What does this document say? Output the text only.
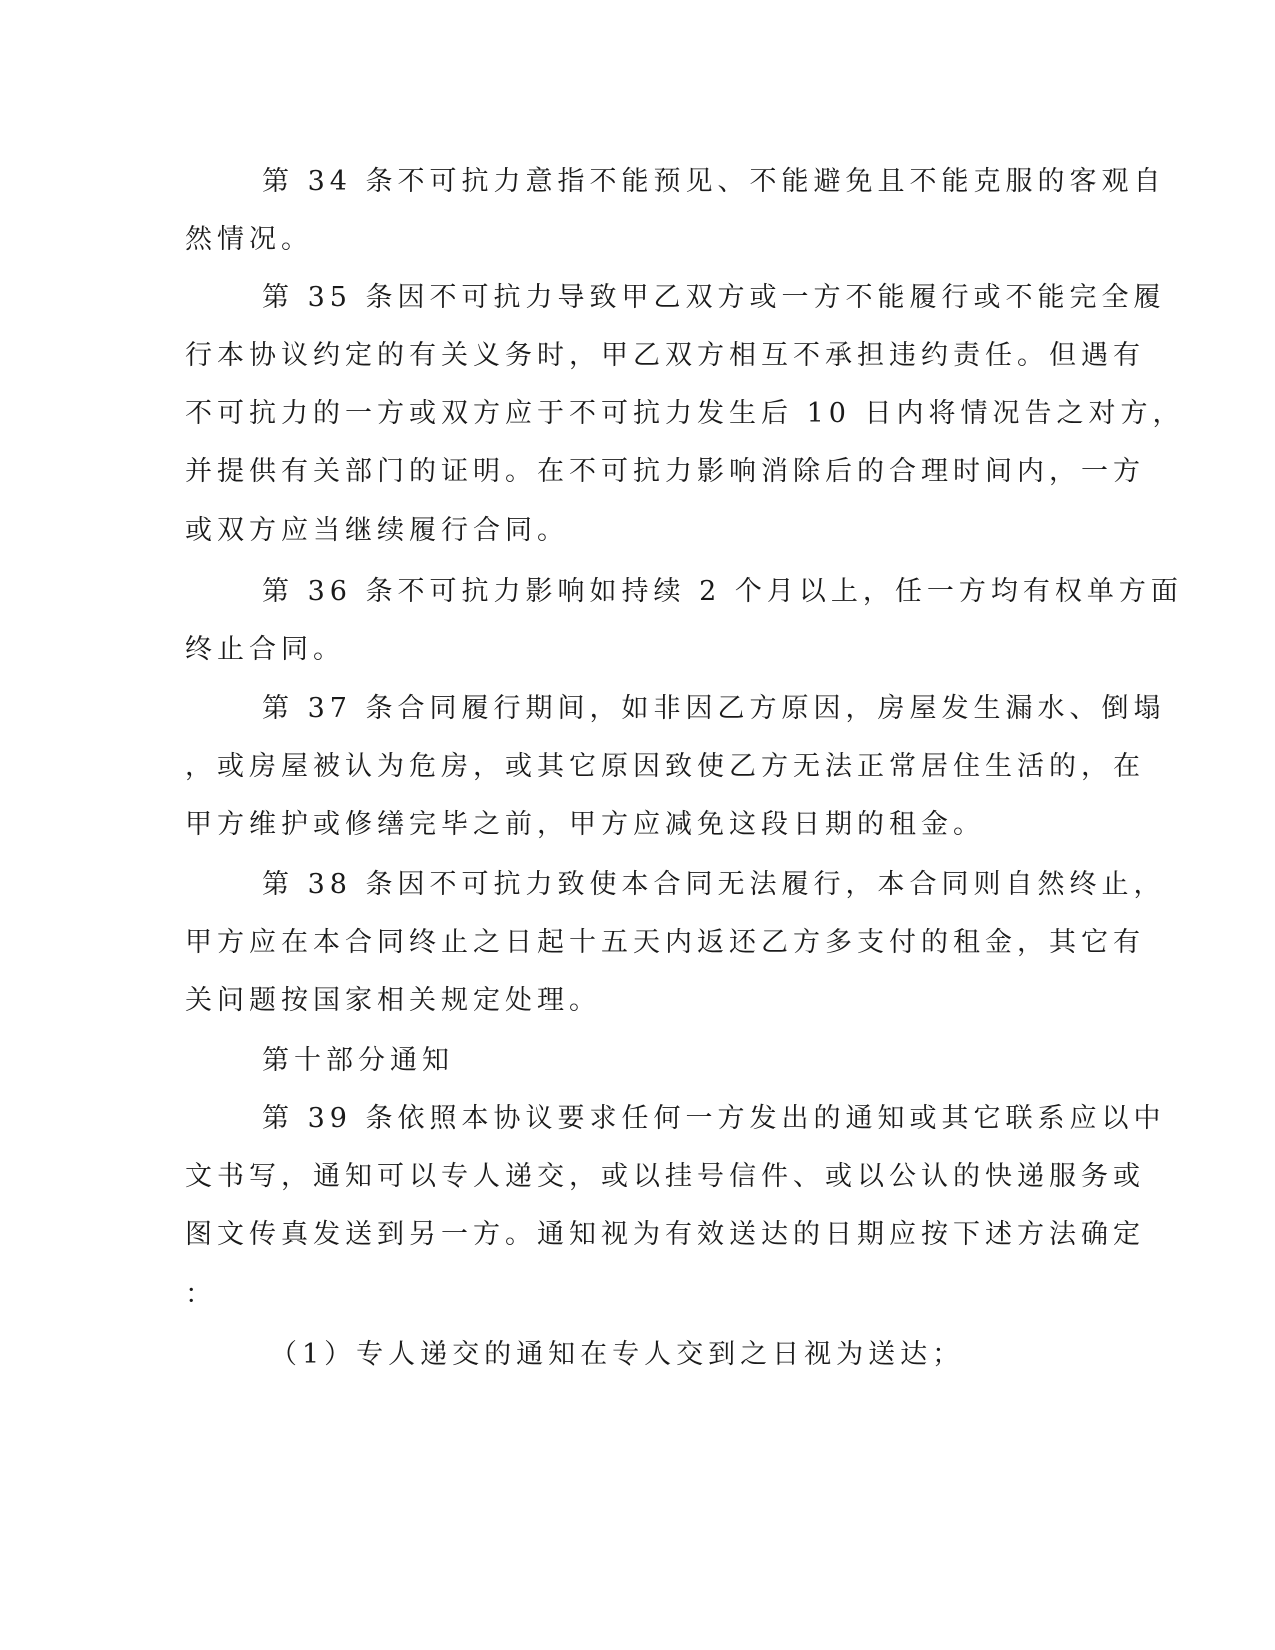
第 34 条不可抗力意指不能预见、不能避免且不能克服的客观自
然情况。
第 35 条因不可抗力导致甲乙双方或一方不能履行或不能完全履
行本协议约定的有关义务时，甲乙双方相互不承担违约责任。但遇有
不可抗力的一方或双方应于不可抗力发生后 10 日内将情况告之对方，
并提供有关部门的证明。在不可抗力影响消除后的合理时间内，一方
或双方应当继续履行合同。
第 36 条不可抗力影响如持续 2 个月以上，任一方均有权单方面
终止合同。
第 37 条合同履行期间，如非因乙方原因，房屋发生漏水、倒塌
，或房屋被认为危房，或其它原因致使乙方无法正常居住生活的，在
甲方维护或修缮完毕之前，甲方应减免这段日期的租金。
第 38 条因不可抗力致使本合同无法履行，本合同则自然终止，
甲方应在本合同终止之日起十五天内返还乙方多支付的租金，其它有
关问题按国家相关规定处理。
第十部分通知
第 39 条依照本协议要求任何一方发出的通知或其它联系应以中
文书写，通知可以专人递交，或以挂号信件、或以公认的快递服务或
图文传真发送到另一方。通知视为有效送达的日期应按下述方法确定
：
（1）专人递交的通知在专人交到之日视为送达；
